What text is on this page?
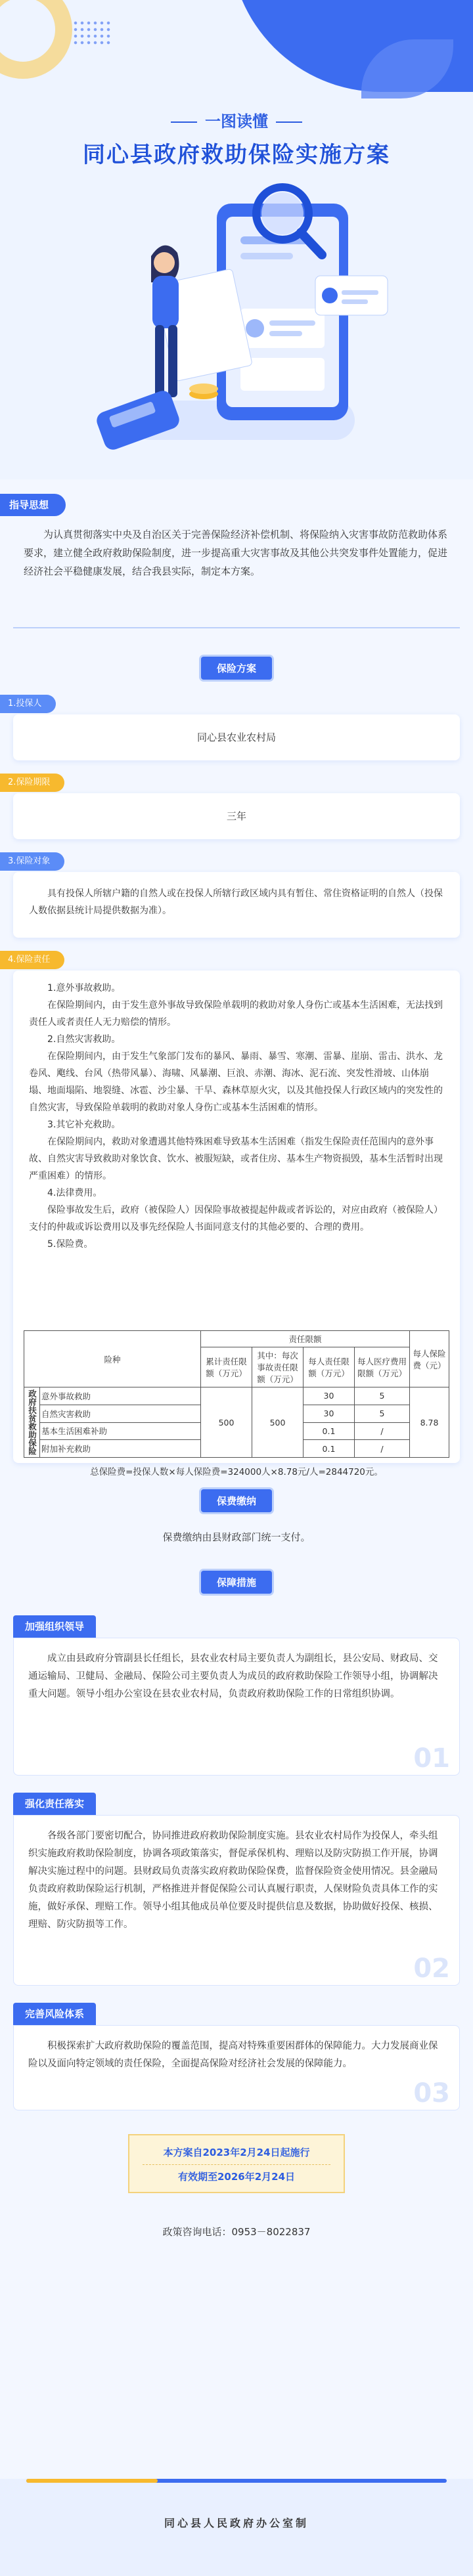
一图读懂
同心县政府救助保险实施方案
指导思想
为认真贯彻落实中央及自治区关于完善保险经济补偿机制、将保险纳入灾害事故防范救助体系要求，建立健全政府救助保险制度，进一步提高重大灾害事故及其他公共突发事件处置能力，促进经济社会平稳健康发展，结合我县实际，制定本方案。
保险方案
1.投保人
同心县农业农村局
2.保险期限
三年
3.保险对象
具有投保人所辖户籍的自然人或在投保人所辖行政区域内具有暂住、常住资格证明的自然人（投保人数依据县统计局提供数据为准）。
4.保险责任

1.意外事故救助。

在保险期间内，由于发生意外事故导致保险单载明的救助对象人身伤亡或基本生活困难，无法找到责任人或者责任人无力赔偿的情形。

2.自然灾害救助。

在保险期间内，由于发生气象部门发布的暴风、暴雨、暴雪、寒潮、雷暴、崖崩、雷击、洪水、龙卷风、飑线、台风（热带风暴）、海啸、风暴潮、巨浪、赤潮、海冰、泥石流、突发性滑坡、山体崩塌、地面塌陷、地裂缝、冰雹、沙尘暴、干旱、森林草原火灾，以及其他投保人行政区域内的突发性的自然灾害，导致保险单载明的救助对象人身伤亡或基本生活困难的情形。

3.其它补充救助。

在保险期间内，救助对象遭遇其他特殊困难导致基本生活困难（指发生保险责任范围内的意外事故、自然灾害导致救助对象饮食、饮水、被服短缺，或者住房、基本生产物资损毁，基本生活暂时出现严重困难）的情形。

4.法律费用。

保险事故发生后，政府（被保险人）因保险事故被提起仲裁或者诉讼的，对应由政府（被保险人）支付的仲裁或诉讼费用以及事先经保险人书面同意支付的其他必要的、合理的费用。

5.保险费。

险种		责任限额				每人保险费（元）
		累计责任限额（万元）	其中：每次事故责任限额（万元）	每人责任限额（万元）	每人医疗费用限额（万元）	
政府扶贫救助保险	意外事故救助	500	500	30	5	8.78
	自然灾害救助			30	5	
	基本生活困难补助			0.1	/	
	附加补充救助			0.1	/	

总保险费=投保人数×每人保险费=324000人×8.78元/人=2844720元。

保费缴纳
保费缴纳由县财政部门统一支付。
保障措施
加强组织领导
成立由县政府分管副县长任组长，县农业农村局主要负责人为副组长，县公安局、财政局、交通运输局、卫健局、金融局、保险公司主要负责人为成员的政府救助保险工作领导小组，协调解决重大问题。领导小组办公室设在县农业农村局，负责政府救助保险工作的日常组织协调。
01
强化责任落实
各级各部门要密切配合，协同推进政府救助保险制度实施。县农业农村局作为投保人，牵头组织实施政府救助保险制度，协调各项政策落实，督促承保机构、理赔以及防灾防损工作开展，协调解决实施过程中的问题。县财政局负责落实政府救助保险保费，监督保险资金使用情况。县金融局负责政府救助保险运行机制，严格推进并督促保险公司认真履行职责，人保财险负责具体工作的实施，做好承保、理赔工作。领导小组其他成员单位要及时提供信息及数据，协助做好投保、核损、理赔、防灾防损等工作。
02
完善风险体系
积极探索扩大政府救助保险的覆盖范围，提高对特殊重要困群体的保障能力。大力发展商业保险以及面向特定领域的责任保险，全面提高保险对经济社会发展的保障能力。
03
本方案自2023年2月24日起施行
有效期至2026年2月24日
政策咨询电话：0953－8022837
同心县人民政府办公室制
